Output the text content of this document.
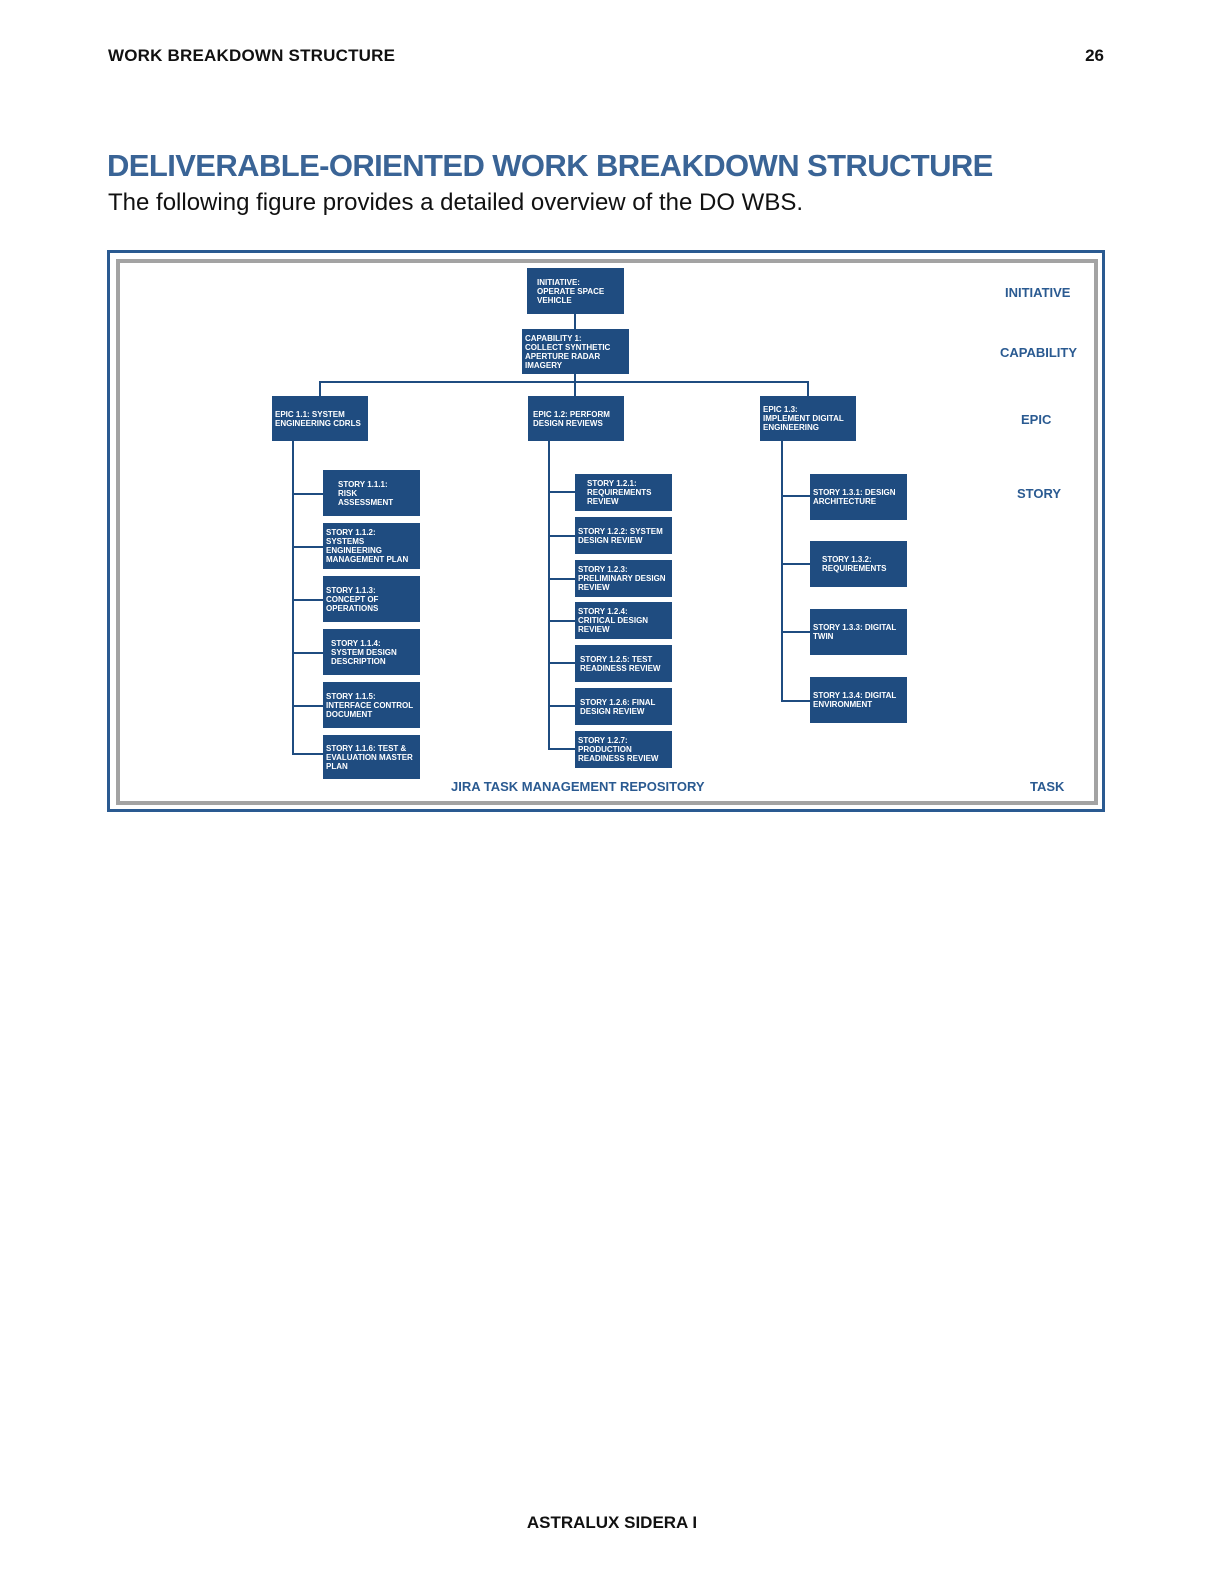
WORK BREAKDOWN STRUCTURE	26
DELIVERABLE-ORIENTED WORK BREAKDOWN STRUCTURE
The following figure provides a detailed overview of the DO WBS.
INITIATIVE:
OPERATE SPACE
VEHICLE
CAPABILITY 1:
COLLECT SYNTHETIC
APERTURE RADAR
IMAGERY
EPIC 1.1: SYSTEM
ENGINEERING CDRLS
EPIC 1.2: PERFORM
DESIGN REVIEWS
EPIC 1.3:
IMPLEMENT DIGITAL
ENGINEERING
STORY 1.1.1:
RISK
ASSESSMENT
STORY 1.1.2:
SYSTEMS
ENGINEERING
MANAGEMENT PLAN
STORY 1.1.3:
CONCEPT OF
OPERATIONS
STORY 1.1.4:
SYSTEM DESIGN
DESCRIPTION
STORY 1.1.5:
INTERFACE CONTROL
DOCUMENT
STORY 1.1.6: TEST &
EVALUATION MASTER
PLAN
STORY 1.2.1:
REQUIREMENTS
REVIEW
STORY 1.2.2: SYSTEM
DESIGN REVIEW
STORY 1.2.3:
PRELIMINARY DESIGN
REVIEW
STORY 1.2.4:
CRITICAL DESIGN
REVIEW
STORY 1.2.5: TEST
READINESS REVIEW
STORY 1.2.6: FINAL
DESIGN REVIEW
STORY 1.2.7:
PRODUCTION
READINESS REVIEW
STORY 1.3.1: DESIGN
ARCHITECTURE
STORY 1.3.2:
REQUIREMENTS
STORY 1.3.3: DIGITAL
TWIN
STORY 1.3.4: DIGITAL
ENVIRONMENT
INITIATIVE
CAPABILITY
EPIC
STORY
TASK
JIRA TASK MANAGEMENT REPOSITORY
ASTRALUX SIDERA I
